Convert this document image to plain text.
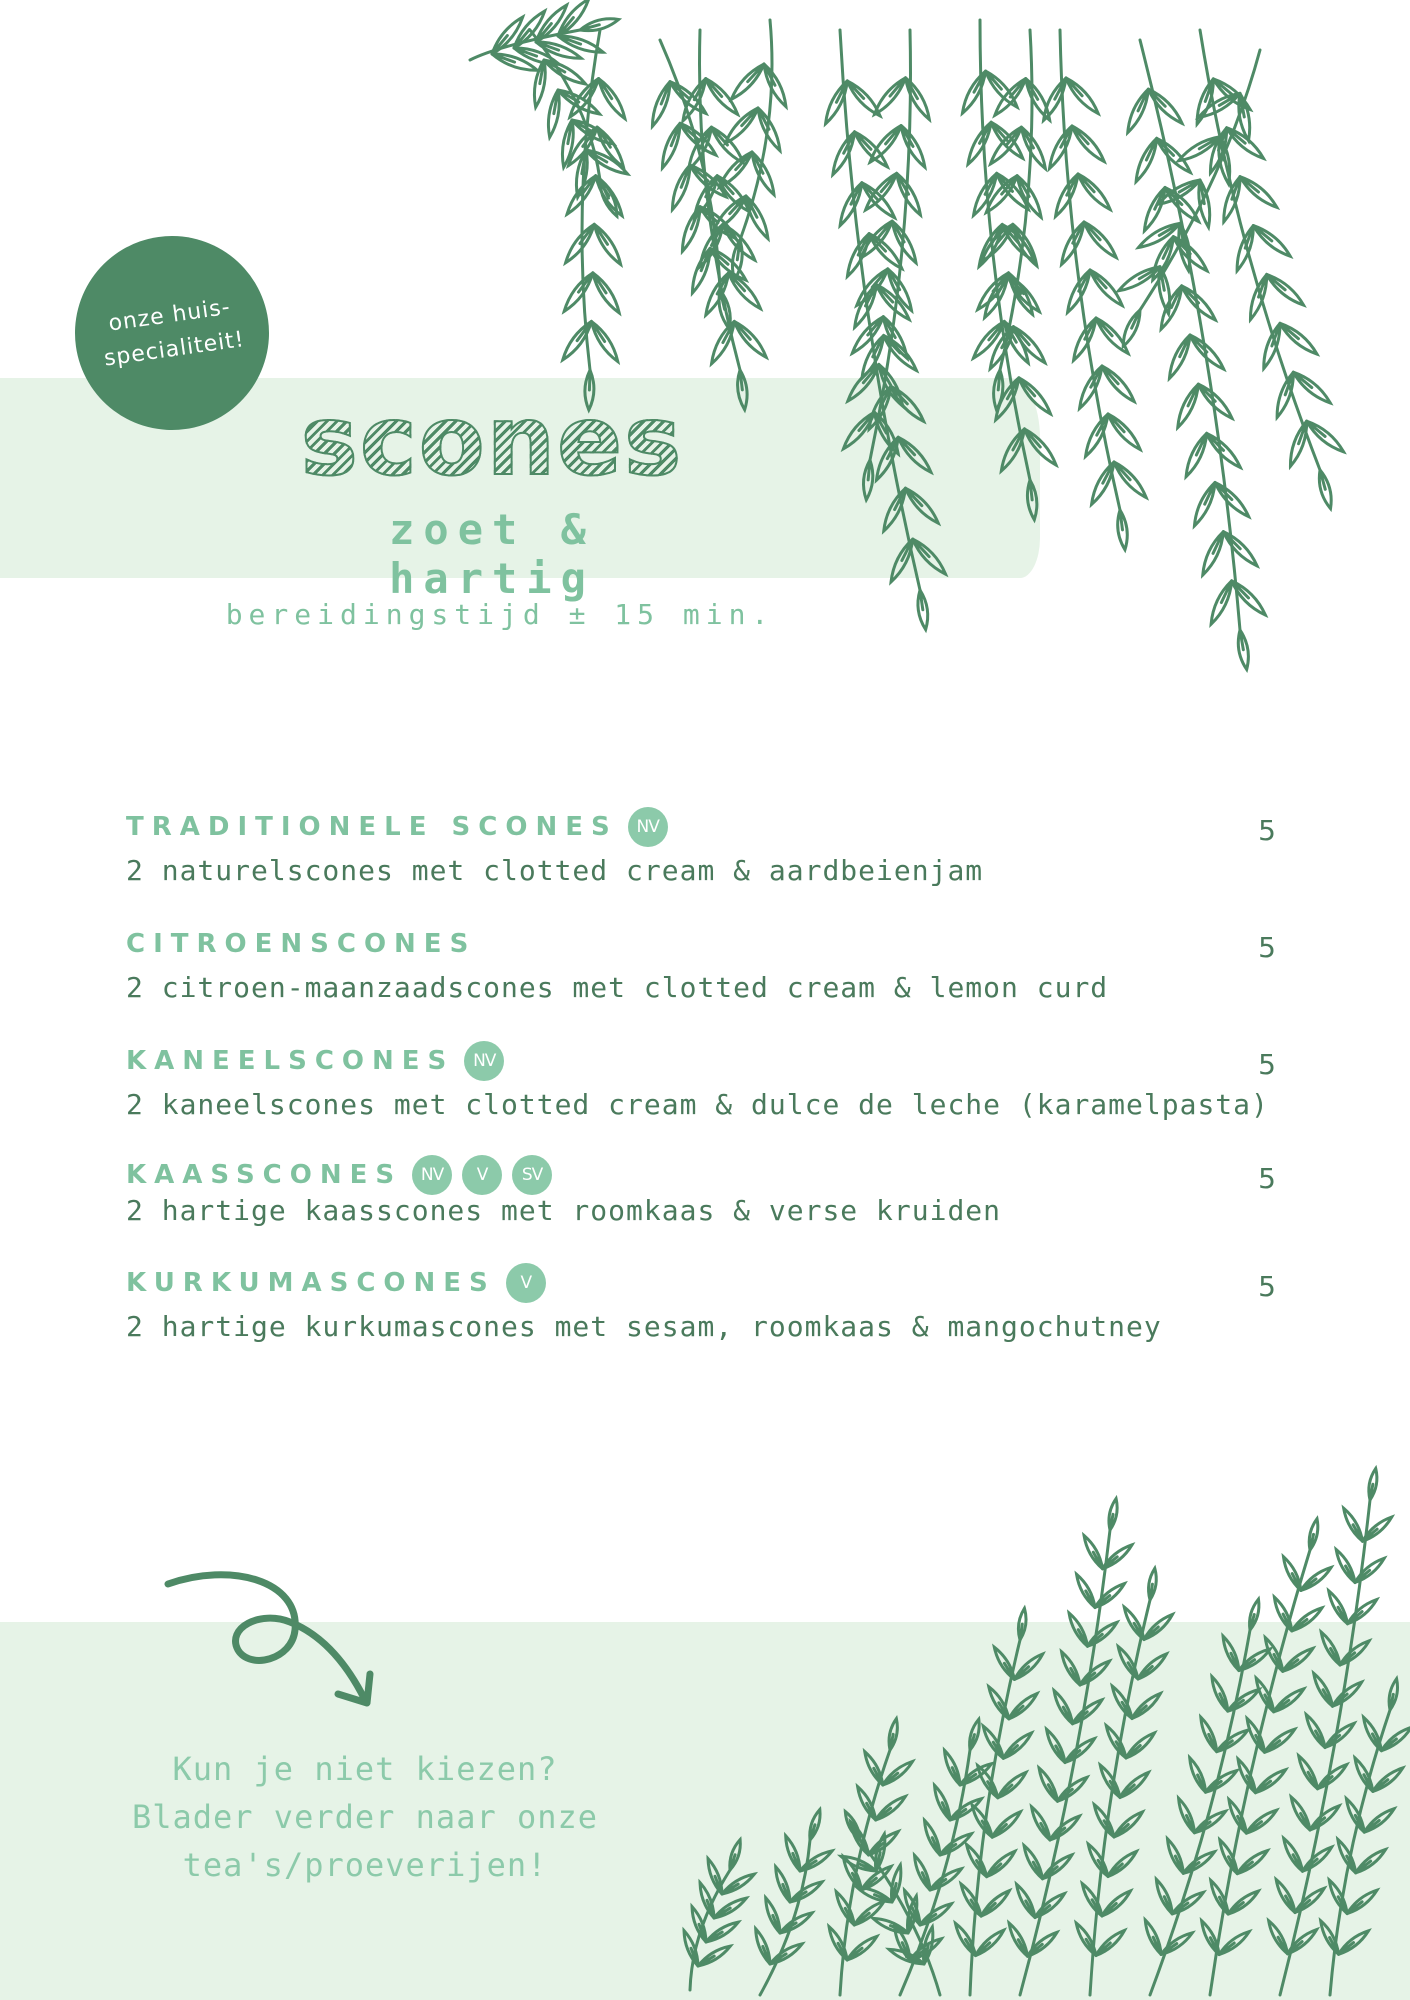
onze huis-
specialiteit!
scones
zoet & hartig
bereidingstijd ± 15 min.
TRADITIONELE SCONES	NV
2 naturelscones met clotted cream & aardbeienjam
5
CITROENSCONES
2 citroen-maanzaadscones met clotted cream & lemon curd
5
KANEELSCONES	NV
2 kaneelscones met clotted cream & dulce de leche (karamelpasta)
5
KAASSCONES	NV	V	SV
2 hartige kaasscones met roomkaas & verse kruiden
5
KURKUMASCONES	V
2 hartige kurkumascones met sesam, roomkaas & mangochutney
5
Kun je niet kiezen?
Blader verder naar onze
tea's/proeverijen!
